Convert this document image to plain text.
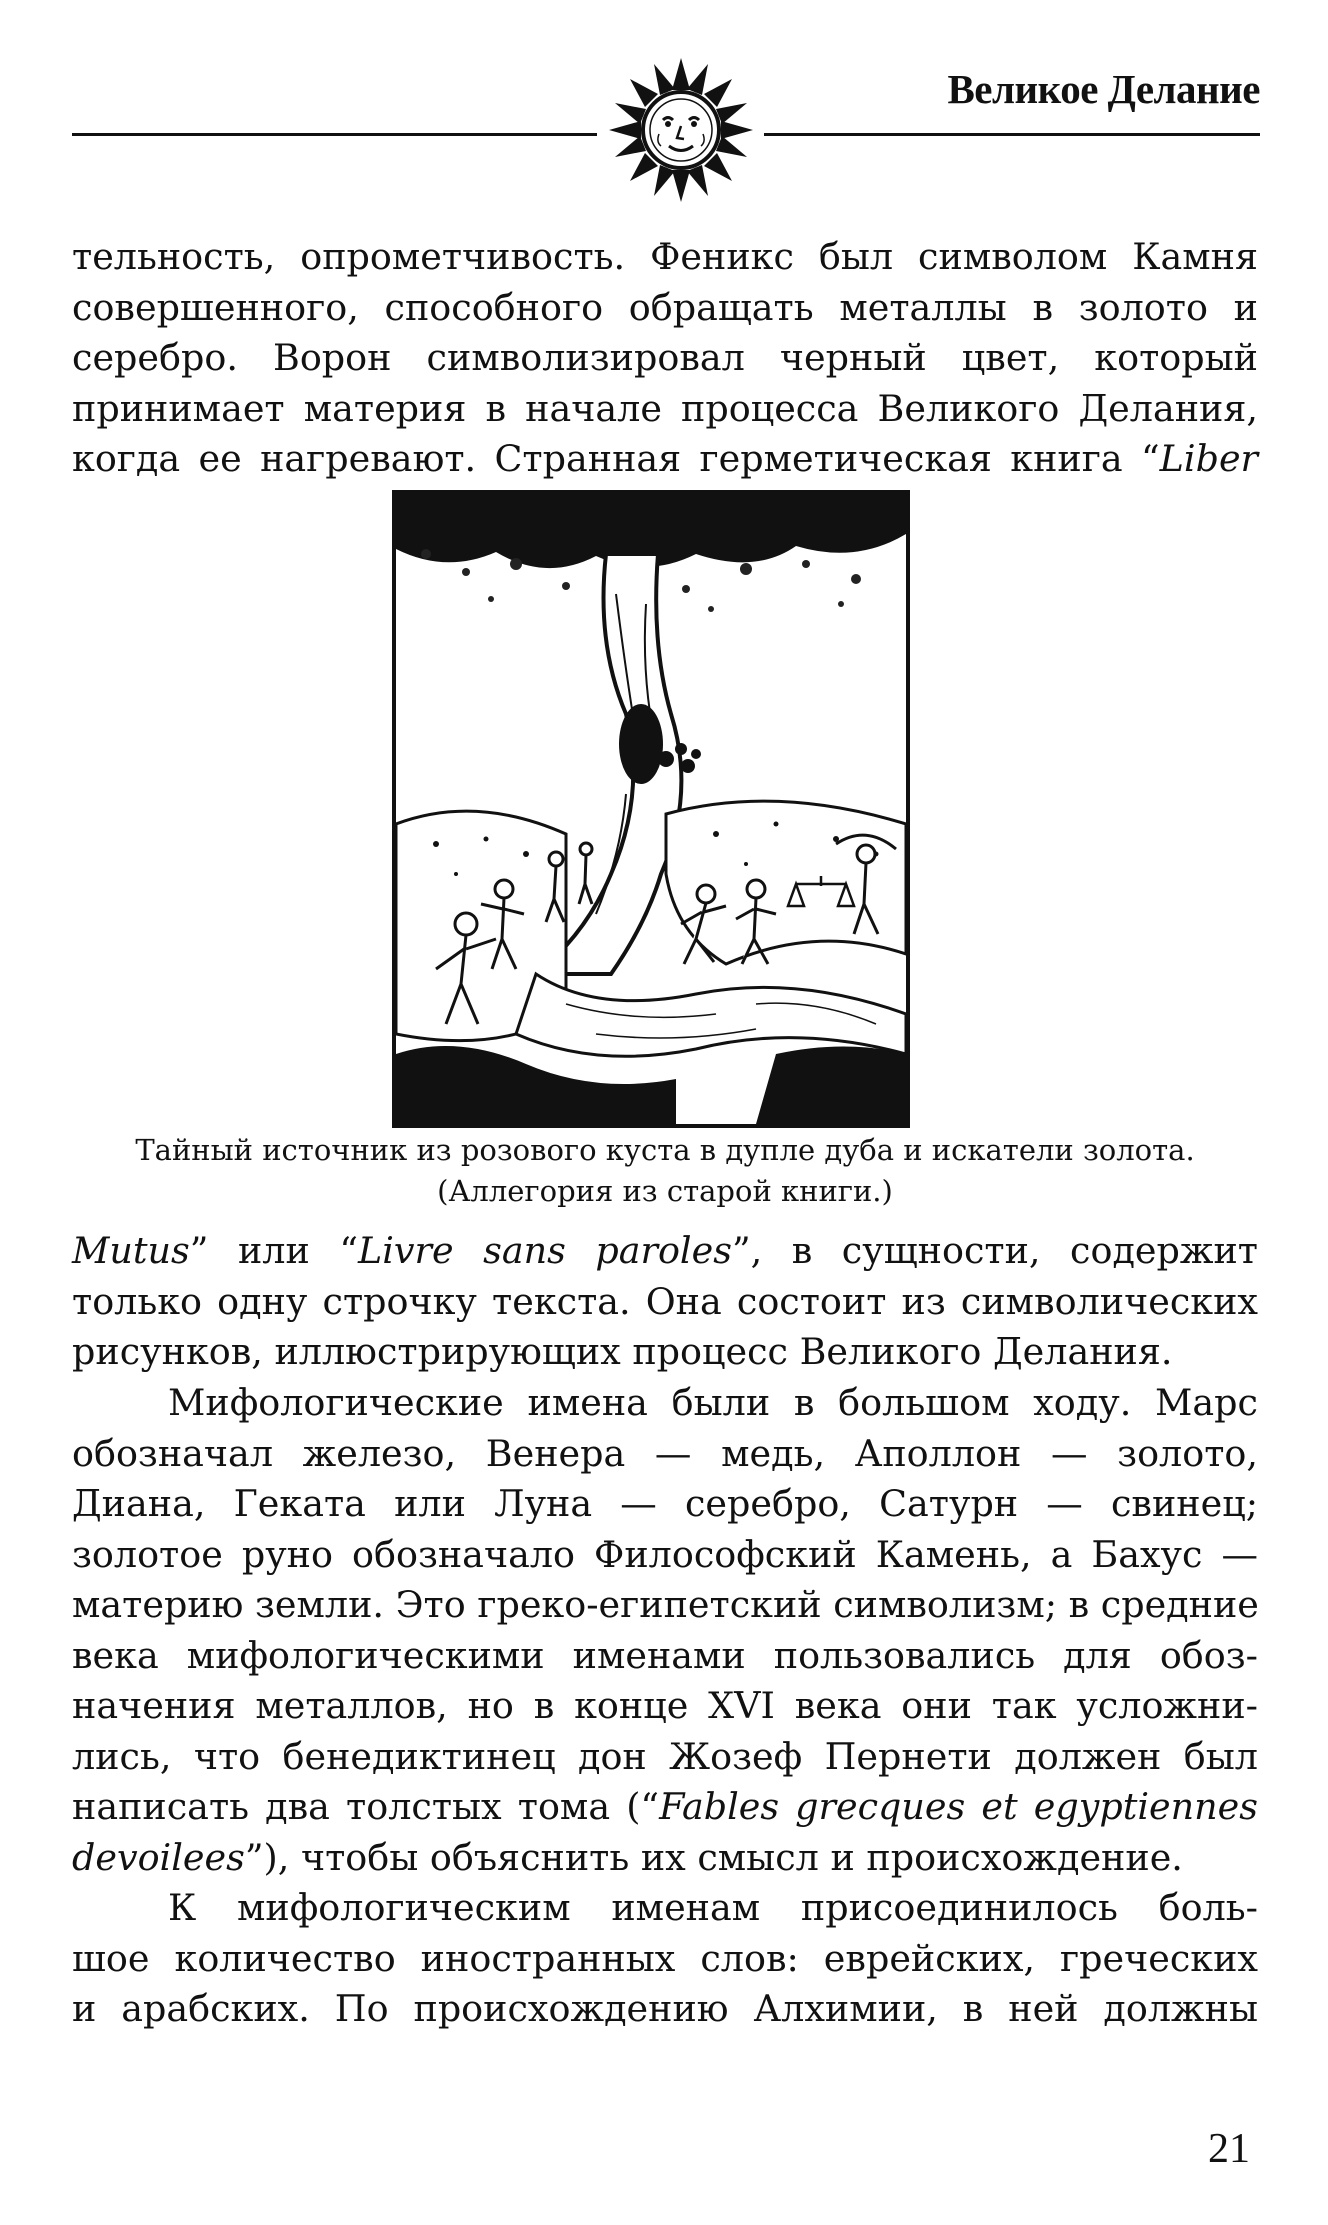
Великое Делание
тельность, опрометчивость. Феникс был символом Камня
совершенного, способного обращать металлы в золото и
серебро. Ворон символизировал черный цвет, который
принимает материя в начале процесса Великого Делания,
когда ее нагревают. Странная герметическая книга “Liber
Тайный источник из розового куста в дупле дуба и искатели золота.
(Аллегория из старой книги.)
Mutus” или “Livre sans paroles”, в сущности, содержит
только одну строчку текста. Она состоит из символических
рисунков, иллюстрирующих процесс Великого Делания.
Мифологические имена были в большом ходу. Марс
обозначал железо, Венера — медь, Аполлон — золото,
Диана, Геката или Луна — серебро, Сатурн — свинец;
золотое руно обозначало Философский Камень, а Бахус —
материю земли. Это греко-египетский символизм; в средние
века мифологическими именами пользовались для обоз-
начения металлов, но в конце XVI века они так усложни-
лись, что бенедиктинец дон Жозеф Пернети должен был
написать два толстых тома (“Fables grecques et egyptiennes
devoilees”), чтобы объяснить их смысл и происхождение.
К мифологическим именам присоединилось боль-
шое количество иностранных слов: еврейских, греческих
и арабских. По происхождению Алхимии, в ней должны
21
